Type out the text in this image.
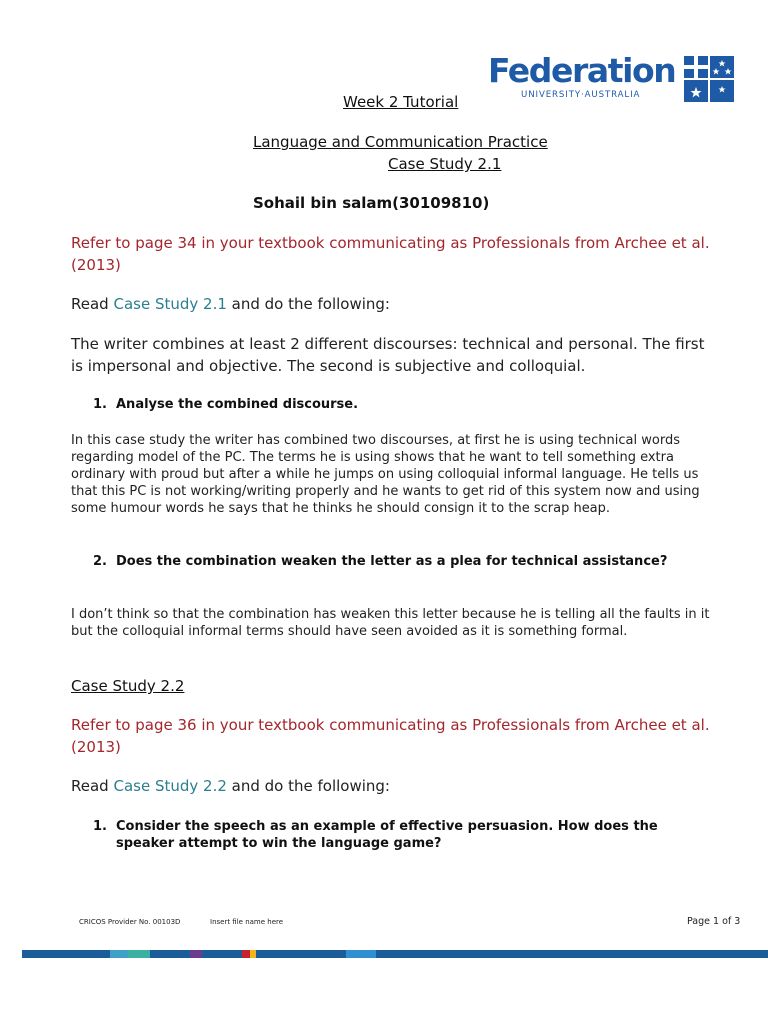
Federation
UNIVERSITY·AUSTRALIA
Week 2 Tutorial
Language and Communication Practice
Case Study 2.1
Sohail bin salam(30109810)
Refer to page 34 in your textbook communicating as Professionals from Archee et al. (2013)
Read Case Study 2.1 and do the following:
The writer combines at least 2 different discourses: technical and personal. The first is impersonal and objective. The second is subjective and colloquial.
1. Analyse the combined discourse.
In this case study the writer has combined two discourses, at first he is using technical words regarding model of the PC. The terms he is using shows that he want to tell something extra ordinary with proud but after a while he jumps on using colloquial informal language. He tells us that this PC is not working/writing properly and he wants to get rid of this system now and using some humour words he says that he thinks he should consign it to the scrap heap.
2. Does the combination weaken the letter as a plea for technical assistance?
I don’t think so that the combination has weaken this letter because he is telling all the faults in it but the colloquial informal terms should have seen avoided as it is something formal.
Case Study 2.2
Refer to page 36 in your textbook communicating as Professionals from Archee et al. (2013)
Read Case Study 2.2 and do the following:
1. Consider the speech as an example of effective persuasion. How does the speaker attempt to win the language game?
CRICOS Provider No. 00103D	Insert file name here	Page 1 of 3
